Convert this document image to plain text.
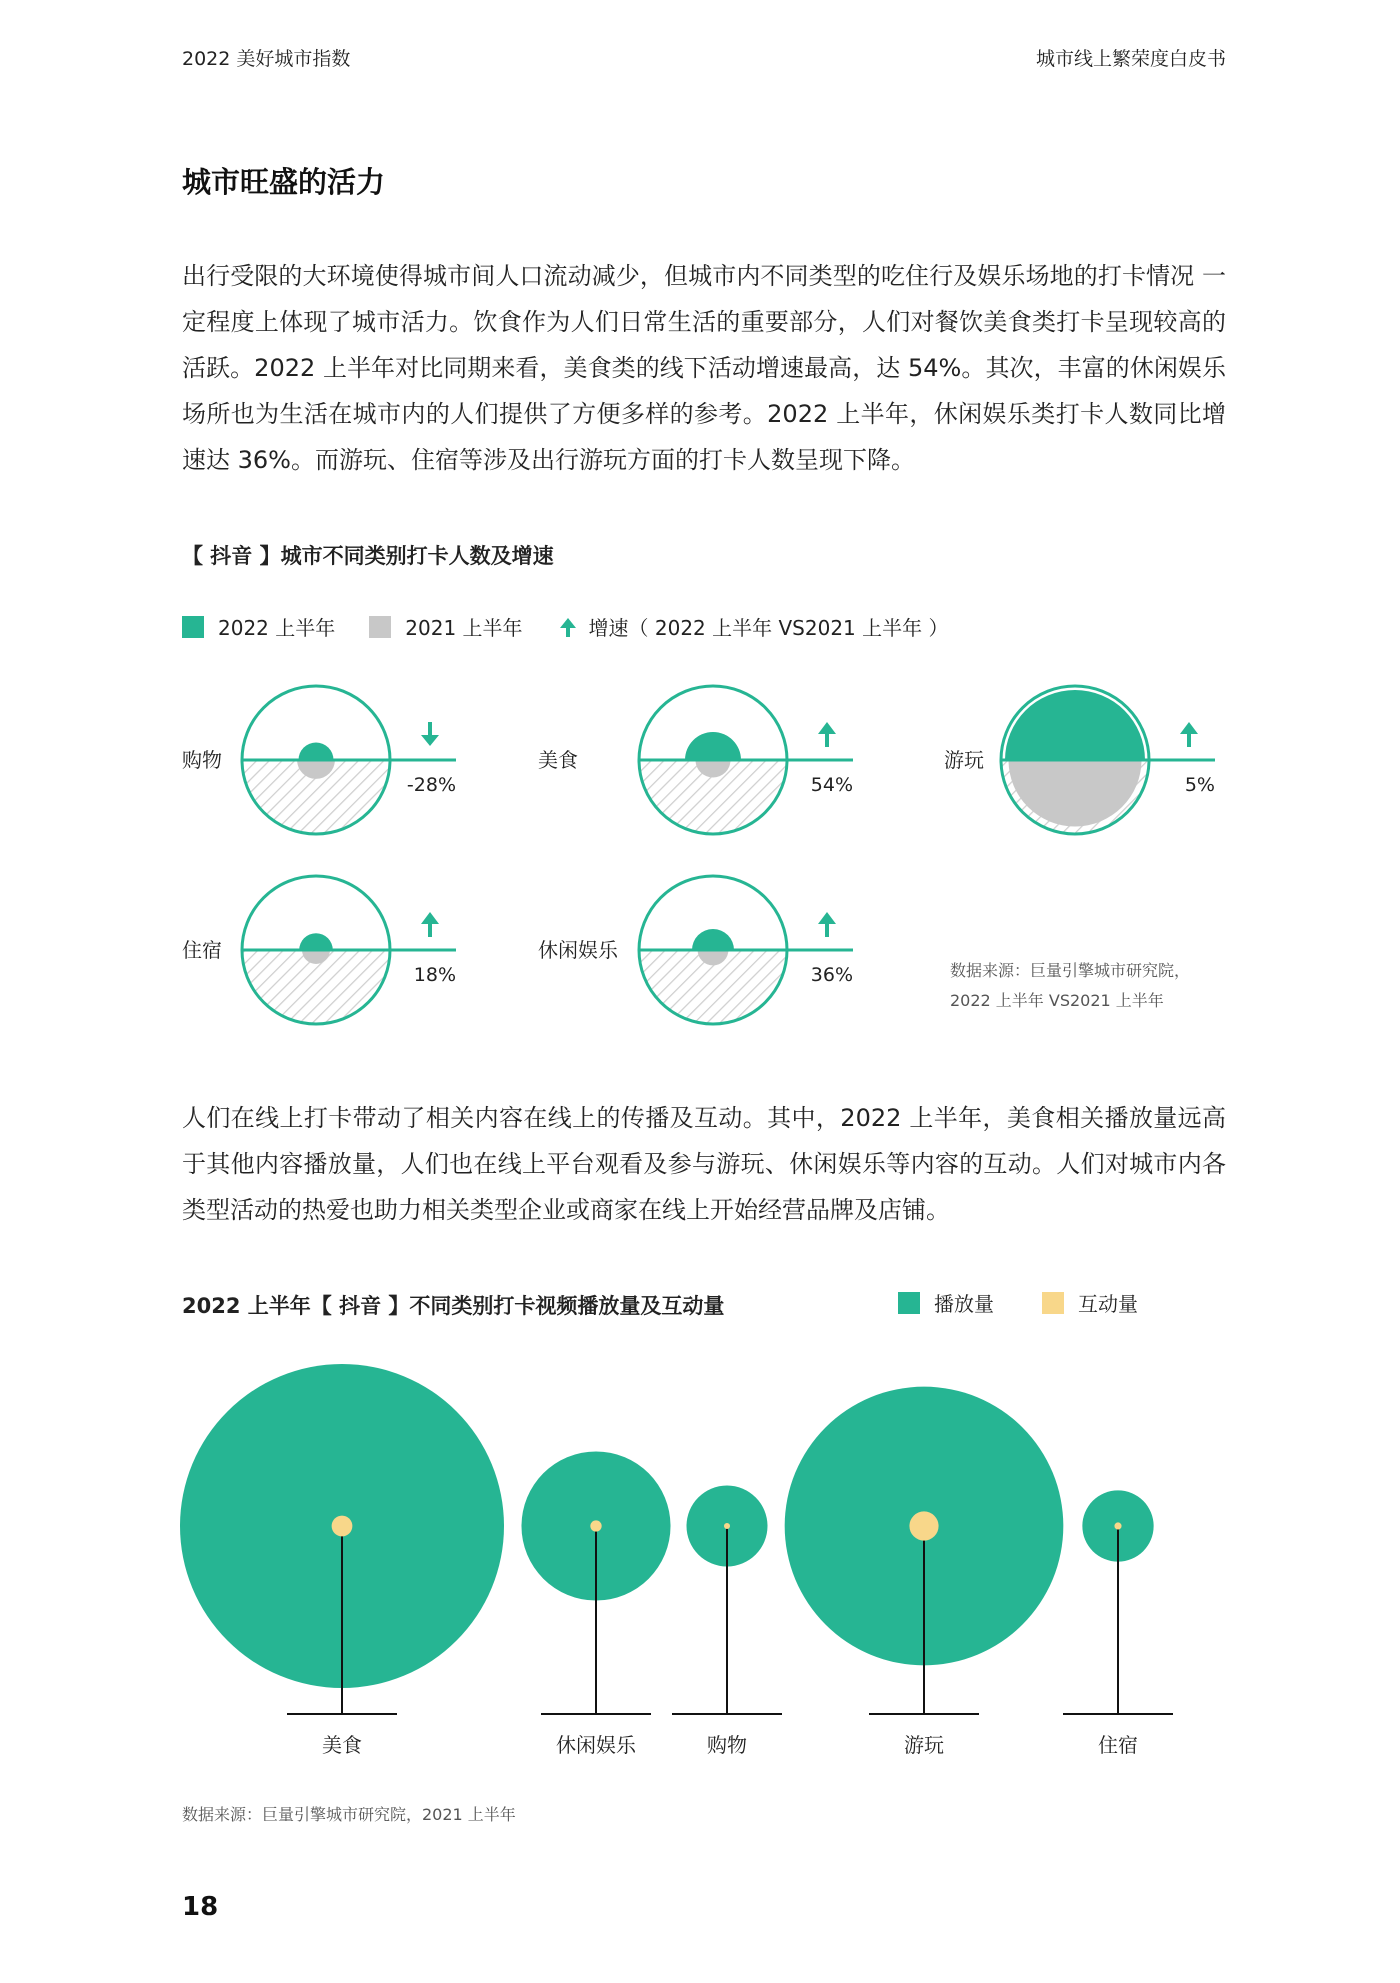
2022 美好城市指数	城市线上繁荣度白皮书
城市旺盛的活力
出行受限的大环境使得城市间人口流动减少，但城市内不同类型的吃住行及娱乐场地的打卡情况 一定程度上体现了城市活力。饮食作为人们日常生活的重要部分，人们对餐饮美食类打卡呈现较高的活跃。2022 上半年对比同期来看，美食类的线下活动增速最高，达 54%。其次，丰富的休闲娱乐场所也为生活在城市内的人们提供了方便多样的参考。2022 上半年，休闲娱乐类打卡人数同比增速达 36%。而游玩、住宿等涉及出行游玩方面的打卡人数呈现下降。
【 抖音 】城市不同类别打卡人数及增速
2022 上半年	2021 上半年	增速（ 2022 上半年 VS2021 上半年 ）
购物
-28%
美食
54%
游玩
5%
住宿
18%
休闲娱乐
36%	数据来源：巨量引擎城市研究院，
2022 上半年 VS2021 上半年
人们在线上打卡带动了相关内容在线上的传播及互动。其中，2022 上半年，美食相关播放量远高于其他内容播放量，人们也在线上平台观看及参与游玩、休闲娱乐等内容的互动。人们对城市内各类型活动的热爱也助力相关类型企业或商家在线上开始经营品牌及店铺。
2022 上半年【 抖音 】不同类别打卡视频播放量及互动量	播放量	互动量
美食	休闲娱乐	购物	游玩	住宿
数据来源：巨量引擎城市研究院，2021 上半年
18
